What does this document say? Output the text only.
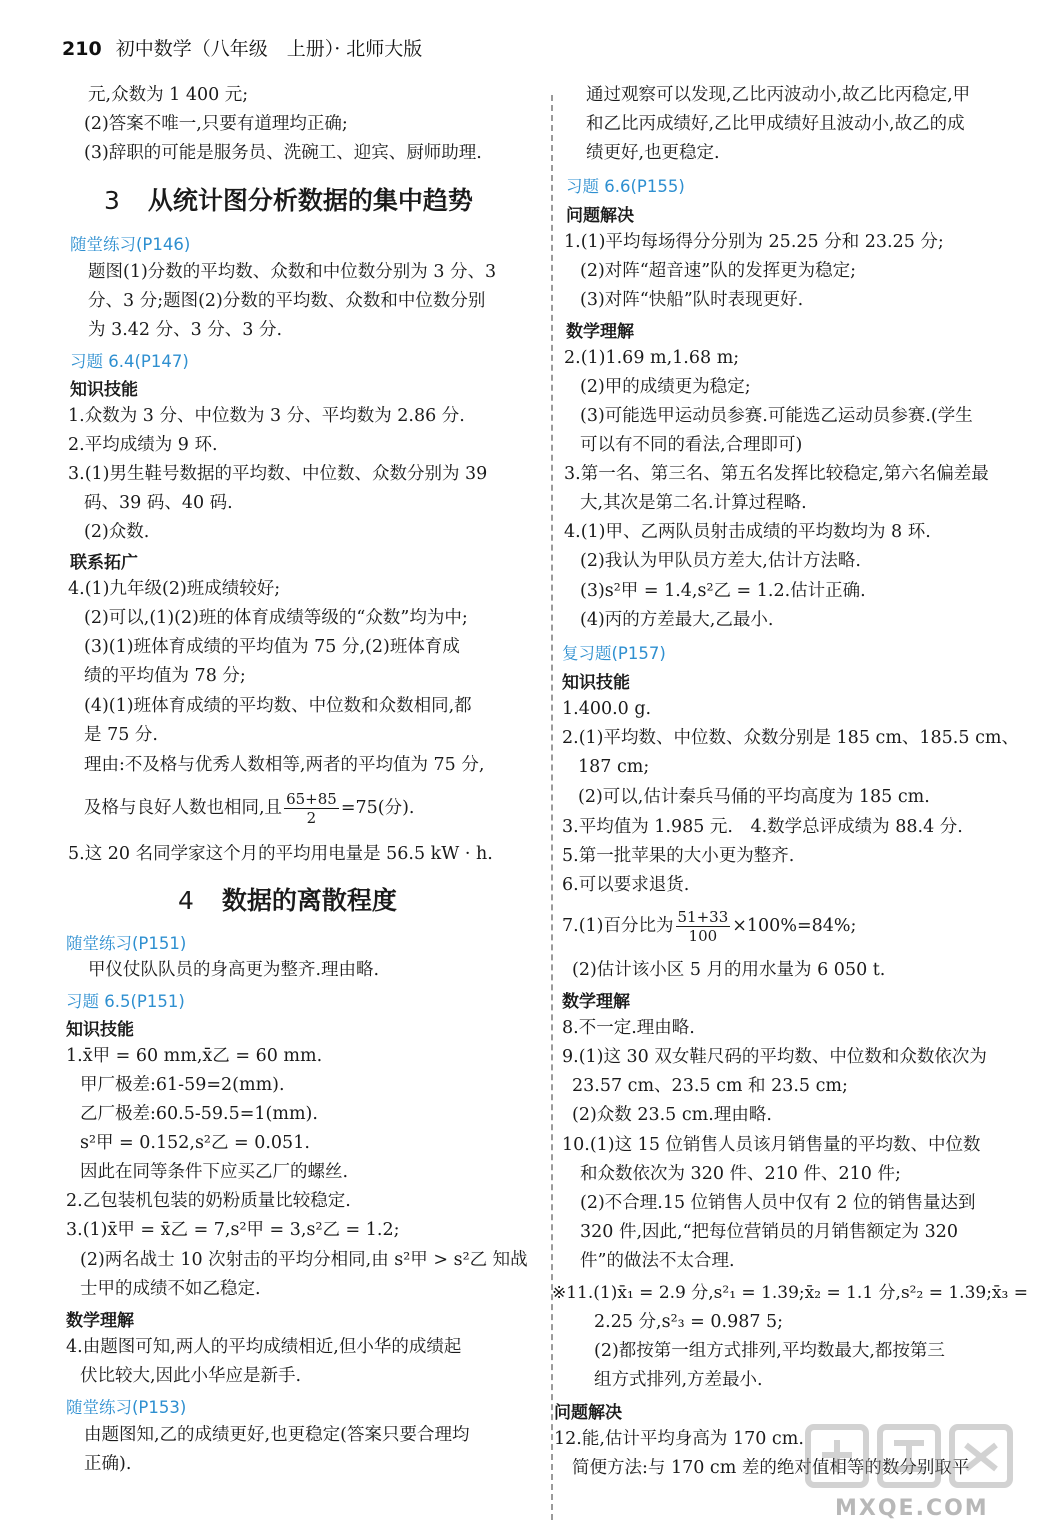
210 初中数学（八年级　上册）· 北师大版
元,众数为 1 400 元;
(2)答案不唯一,只要有道理均正确;
(3)辞职的可能是服务员、洗碗工、迎宾、厨师助理.
3 从统计图分析数据的集中趋势
随堂练习(P146)
题图(1)分数的平均数、众数和中位数分别为 3 分、3
分、3 分;题图(2)分数的平均数、众数和中位数分别
为 3.42 分、3 分、3 分.
习题 6.4(P147)
知识技能
1.众数为 3 分、中位数为 3 分、平均数为 2.86 分.
2.平均成绩为 9 环.
3.(1)男生鞋号数据的平均数、中位数、众数分别为 39
码、39 码、40 码.
(2)众数.
联系拓广
4.(1)九年级(2)班成绩较好;
(2)可以,(1)(2)班的体育成绩等级的“众数”均为中;
(3)(1)班体育成绩的平均值为 75 分,(2)班体育成
绩的平均值为 78 分;
(4)(1)班体育成绩的平均数、中位数和众数相同,都
是 75 分.
理由:不及格与优秀人数相等,两者的平均值为 75 分,
及格与良好人数也相同,且 $\frac{65+85}{2} =75$(分).
5.这 20 名同学家这个月的平均用电量是 56.5 kW · h.
4 数据的离散程度
随堂练习(P151)
甲仪仗队队员的身高更为整齐.理由略.
习题 6.5(P151)
知识技能
1.x̄甲 = 60 mm,x̄乙 = 60 mm.
甲厂极差:61-59=2(mm).
乙厂极差:60.5-59.5=1(mm).
s²甲 = 0.152,s²乙 = 0.051.
因此在同等条件下应买乙厂的螺丝.
2.乙包装机包装的奶粉质量比较稳定.
3.(1)x̄甲 = x̄乙 = 7,s²甲 = 3,s²乙 = 1.2;
(2)两名战士 10 次射击的平均分相同,由 s²甲 > s²乙 知战
士甲的成绩不如乙稳定.
数学理解
4.由题图可知,两人的平均成绩相近,但小华的成绩起
伏比较大,因此小华应是新手.
随堂练习(P153)
由题图知,乙的成绩更好,也更稳定(答案只要合理均
正确).
通过观察可以发现,乙比丙波动小,故乙比丙稳定,甲
和乙比丙成绩好,乙比甲成绩好且波动小,故乙的成
绩更好,也更稳定.
习题 6.6(P155)
问题解决
1.(1)平均每场得分分别为 25.25 分和 23.25 分;
(2)对阵“超音速”队的发挥更为稳定;
(3)对阵“快船”队时表现更好.
数学理解
2.(1)1.69 m,1.68 m;
(2)甲的成绩更为稳定;
(3)可能选甲运动员参赛.可能选乙运动员参赛.(学生
可以有不同的看法,合理即可)
3.第一名、第三名、第五名发挥比较稳定,第六名偏差最
大,其次是第二名.计算过程略.
4.(1)甲、乙两队员射击成绩的平均数均为 8 环.
(2)我认为甲队员方差大,估计方法略.
(3)s²甲 = 1.4,s²乙 = 1.2.估计正确.
(4)丙的方差最大,乙最小.
复习题(P157)
知识技能
1.400.0 g.
2.(1)平均数、中位数、众数分别是 185 cm、185.5 cm、
187 cm;
(2)可以,估计秦兵马俑的平均高度为 185 cm.
3.平均值为 1.985 元.　4.数学总评成绩为 88.4 分.
5.第一批苹果的大小更为整齐.
6.可以要求退货.
7.(1)百分比为 $\frac{51+33}{100} \times 100\%=84\%$;
(2)估计该小区 5 月的用水量为 6 050 t.
数学理解
8.不一定.理由略.
9.(1)这 30 双女鞋尺码的平均数、中位数和众数依次为
23.57 cm、23.5 cm 和 23.5 cm;
(2)众数 23.5 cm.理由略.
10.(1)这 15 位销售人员该月销售量的平均数、中位数
和众数依次为 320 件、210 件、210 件;
(2)不合理.15 位销售人员中仅有 2 位的销售量达到
320 件,因此,“把每位营销员的月销售额定为 320
件”的做法不太合理.
※11.(1)x̄₁ = 2.9 分,s²₁ = 1.39;x̄₂ = 1.1 分,s²₂ = 1.39;x̄₃ =
2.25 分,s²₃ = 0.987 5;
(2)都按第一组方式排列,平均数最大,都按第三
组方式排列,方差最小.
问题解决
12.能,估计平均身高为 170 cm.
简便方法:与 170 cm 差的绝对值相等的数分别取平
MXQE.COM
